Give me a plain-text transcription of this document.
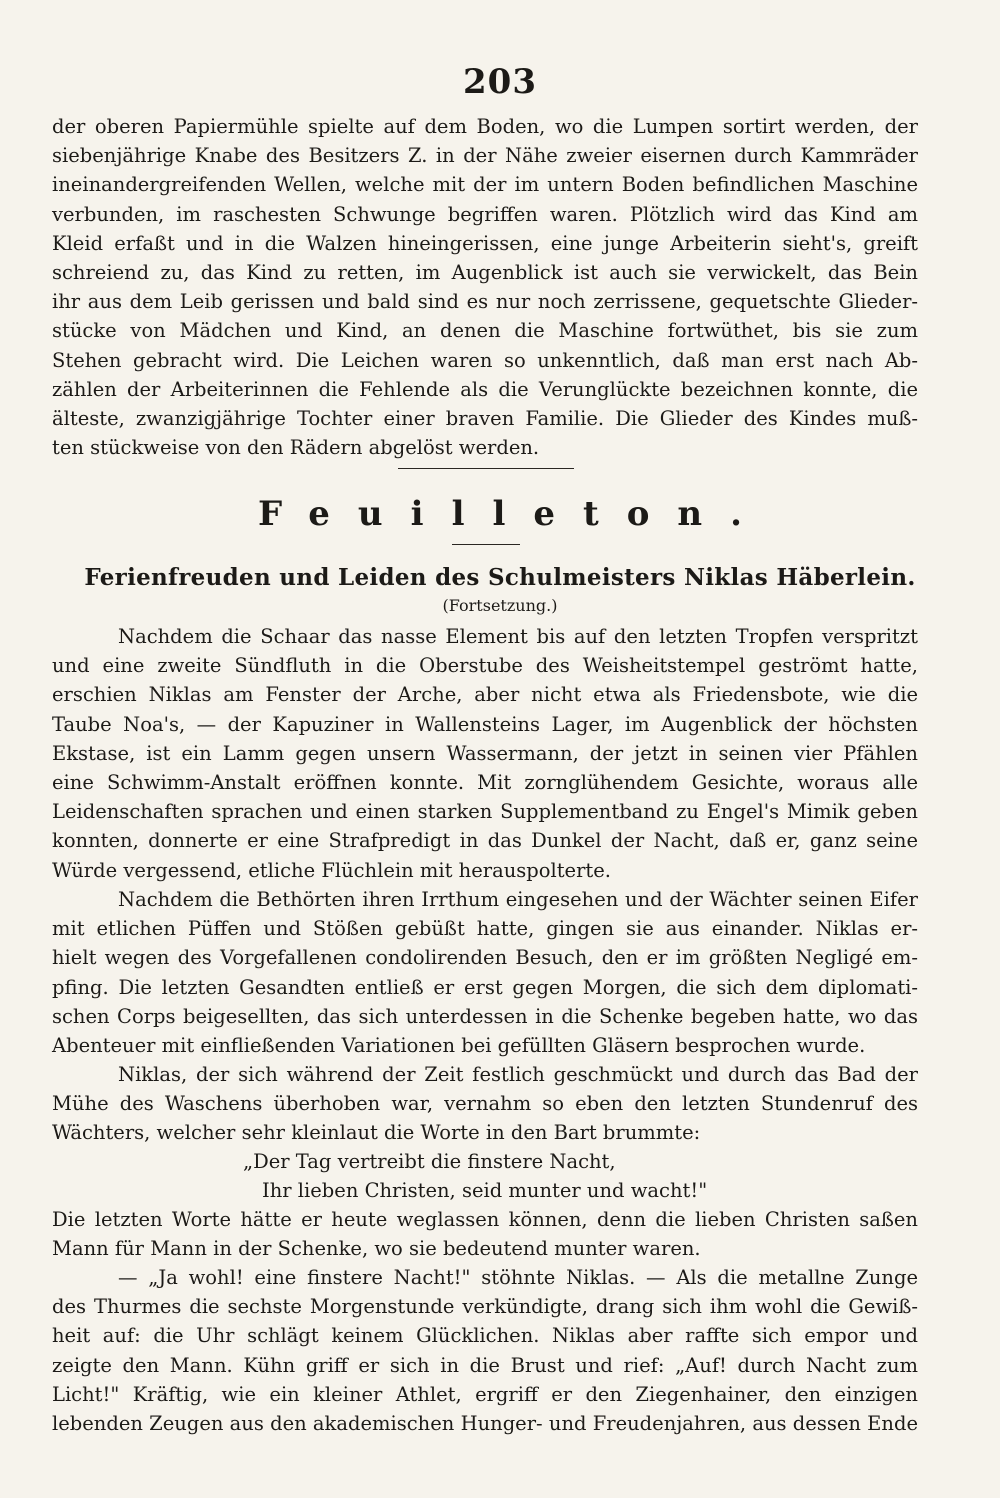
203
der oberen Papiermühle spielte auf dem Boden, wo die Lumpen sortirt werden, der
siebenjährige Knabe des Besitzers Z. in der Nähe zweier eisernen durch Kammräder
ineinandergreifenden Wellen, welche mit der im untern Boden befindlichen Maschine
verbunden, im raschesten Schwunge begriffen waren. Plötzlich wird das Kind am
Kleid erfaßt und in die Walzen hineingerissen, eine junge Arbeiterin sieht's, greift
schreiend zu, das Kind zu retten, im Augenblick ist auch sie verwickelt, das Bein
ihr aus dem Leib gerissen und bald sind es nur noch zerrissene, gequetschte Glieder-
stücke von Mädchen und Kind, an denen die Maschine fortwüthet, bis sie zum
Stehen gebracht wird. Die Leichen waren so unkenntlich, daß man erst nach Ab-
zählen der Arbeiterinnen die Fehlende als die Verunglückte bezeichnen konnte, die
älteste, zwanzigjährige Tochter einer braven Familie. Die Glieder des Kindes muß-
ten stückweise von den Rädern abgelöst werden.
Feuilleton.
Ferienfreuden und Leiden des Schulmeisters Niklas Häberlein.
(Fortsetzung.)
Nachdem die Schaar das nasse Element bis auf den letzten Tropfen verspritzt
und eine zweite Sündfluth in die Oberstube des Weisheitstempel geströmt hatte,
erschien Niklas am Fenster der Arche, aber nicht etwa als Friedensbote, wie die
Taube Noa's, — der Kapuziner in Wallensteins Lager, im Augenblick der höchsten
Ekstase, ist ein Lamm gegen unsern Wassermann, der jetzt in seinen vier Pfählen
eine Schwimm-Anstalt eröffnen konnte. Mit zornglühendem Gesichte, woraus alle
Leidenschaften sprachen und einen starken Supplementband zu Engel's Mimik geben
konnten, donnerte er eine Strafpredigt in das Dunkel der Nacht, daß er, ganz seine
Würde vergessend, etliche Flüchlein mit herauspolterte.
Nachdem die Bethörten ihren Irrthum eingesehen und der Wächter seinen Eifer
mit etlichen Püffen und Stößen gebüßt hatte, gingen sie aus einander. Niklas er-
hielt wegen des Vorgefallenen condolirenden Besuch, den er im größten Negligé em-
pfing. Die letzten Gesandten entließ er erst gegen Morgen, die sich dem diplomati-
schen Corps beigesellten, das sich unterdessen in die Schenke begeben hatte, wo das
Abenteuer mit einfließenden Variationen bei gefüllten Gläsern besprochen wurde.
Niklas, der sich während der Zeit festlich geschmückt und durch das Bad der
Mühe des Waschens überhoben war, vernahm so eben den letzten Stundenruf des
Wächters, welcher sehr kleinlaut die Worte in den Bart brummte:
„Der Tag vertreibt die finstere Nacht,
Ihr lieben Christen, seid munter und wacht!"
Die letzten Worte hätte er heute weglassen können, denn die lieben Christen saßen
Mann für Mann in der Schenke, wo sie bedeutend munter waren.
— „Ja wohl! eine finstere Nacht!" stöhnte Niklas. — Als die metallne Zunge
des Thurmes die sechste Morgenstunde verkündigte, drang sich ihm wohl die Gewiß-
heit auf: die Uhr schlägt keinem Glücklichen. Niklas aber raffte sich empor und
zeigte den Mann. Kühn griff er sich in die Brust und rief: „Auf! durch Nacht zum
Licht!" Kräftig, wie ein kleiner Athlet, ergriff er den Ziegenhainer, den einzigen
lebenden Zeugen aus den akademischen Hunger- und Freudenjahren, aus dessen Ende
